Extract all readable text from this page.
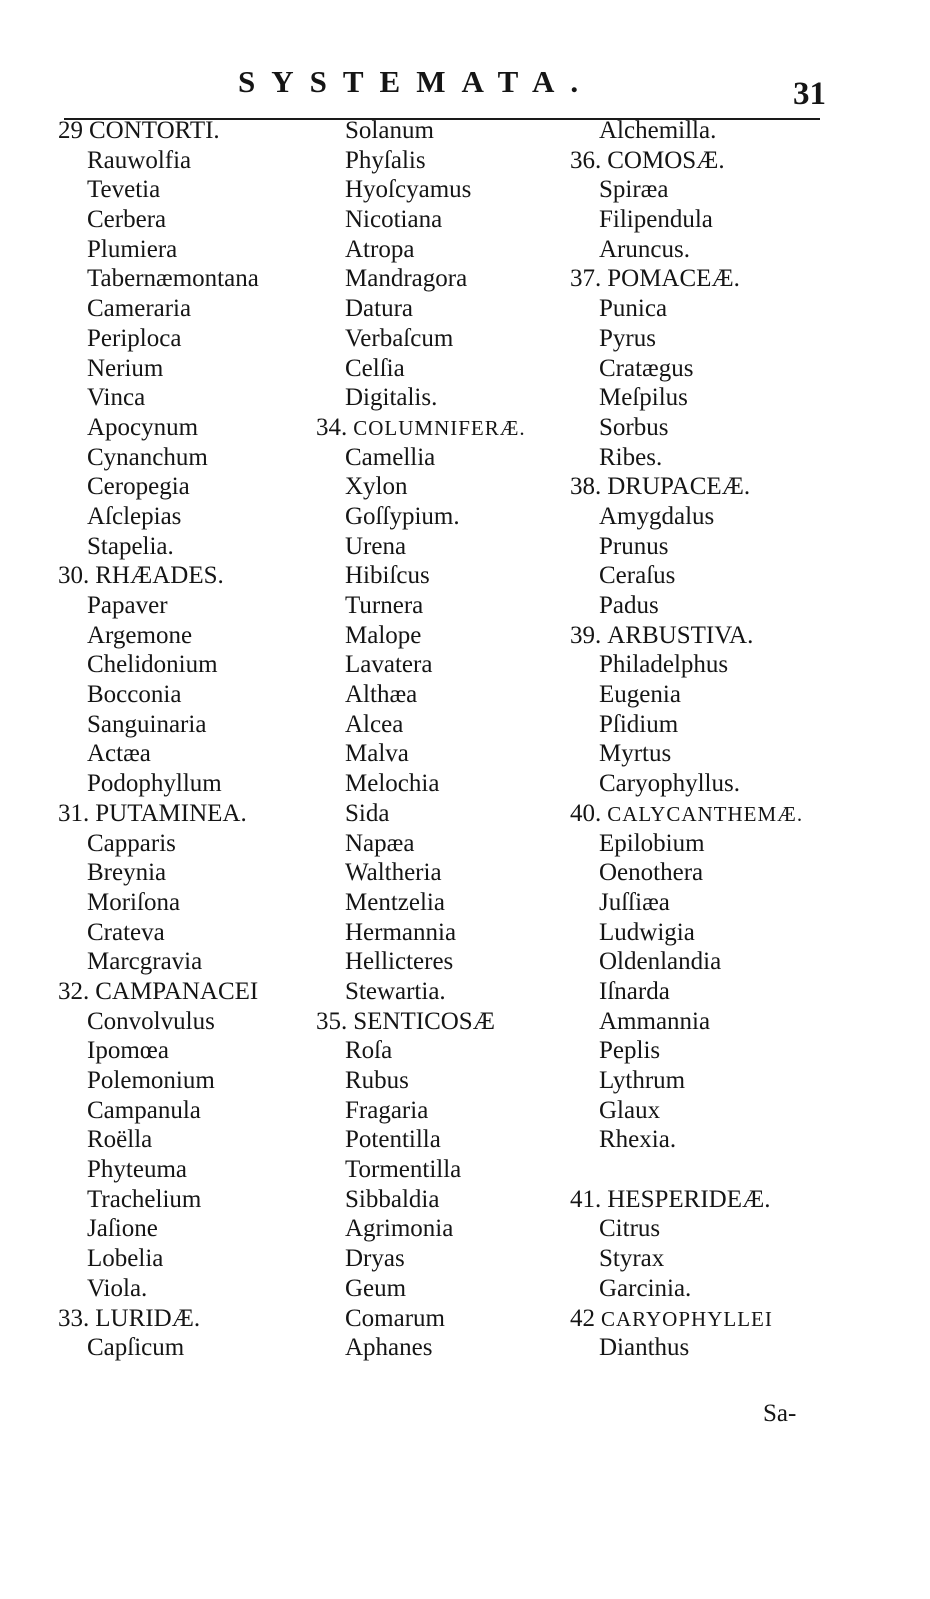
SYSTEMATA.	31
29 CONTORTI.
Rauwolfia
Tevetia
Cerbera
Plumiera
Tabernæmontana
Cameraria
Periploca
Nerium
Vinca
Apocynum
Cynanchum
Ceropegia
Aſclepias
Stapelia.
30. RHÆADES.
Papaver
Argemone
Chelidonium
Bocconia
Sanguinaria
Actæa
Podophyllum
31. PUTAMINEA.
Capparis
Breynia
Moriſona
Crateva
Marcgravia
32. CAMPANACEI
Convolvulus
Ipomœa
Polemonium
Campanula
Roëlla
Phyteuma
Trachelium
Jaſione
Lobelia
Viola.
33. LURIDÆ.
Capſicum
Solanum
Phyſalis
Hyoſcyamus
Nicotiana
Atropa
Mandragora
Datura
Verbaſcum
Celſia
Digitalis.
34. COLUMNIFERÆ.
Camellia
Xylon
Goſſypium.
Urena
Hibiſcus
Turnera
Malope
Lavatera
Althæa
Alcea
Malva
Melochia
Sida
Napæa
Waltheria
Mentzelia
Hermannia
Hellicteres
Stewartia.
35. SENTICOSÆ
Roſa
Rubus
Fragaria
Potentilla
Tormentilla
Sibbaldia
Agrimonia
Dryas
Geum
Comarum
Aphanes
Alchemilla.
36. COMOSÆ.
Spiræa
Filipendula
Aruncus.
37. POMACEÆ.
Punica
Pyrus
Cratægus
Meſpilus
Sorbus
Ribes.
38. DRUPACEÆ.
Amygdalus
Prunus
Ceraſus
Padus
39. ARBUSTIVA.
Philadelphus
Eugenia
Pſidium
Myrtus
Caryophyllus.
40. CALYCANTHEMÆ.
Epilobium
Oenothera
Juſſiæa
Ludwigia
Oldenlandia
Iſnarda
Ammannia
Peplis
Lythrum
Glaux
Rhexia.
41. HESPERIDEÆ.
Citrus
Styrax
Garcinia.
42 CARYOPHYLLEI
Dianthus
Sa-
